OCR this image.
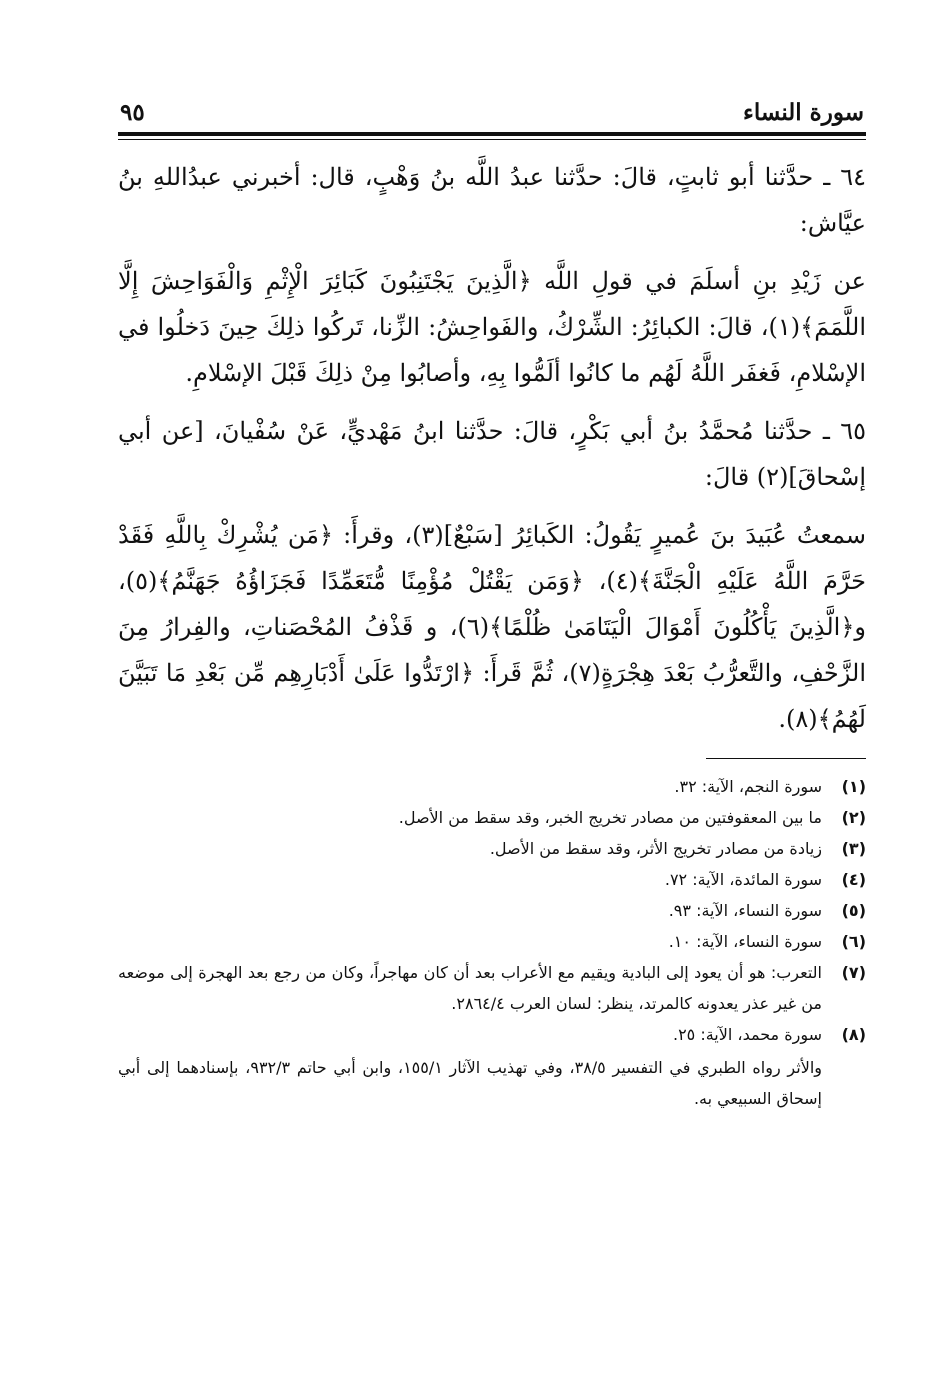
سورة النساء
٩٥

٦٤ ـ حدَّثنا أبو ثابتٍ، قالَ: حدَّثنا عبدُ اللَّه بنُ وَهْبٍ، قال: أخبرني عبدُاللهِ بنُ عيَّاش:

عن زَيْدِ بنِ أسلَمَ في قولِ اللَّه ﴿الَّذِينَ يَجْتَنِبُونَ كَبَائِرَ الْإِثْمِ وَالْفَوَاحِشَ إِلَّا اللَّمَمَ﴾(١)، قالَ: الكبائِرُ: الشِّرْكُ، والفَواحِشُ: الزِّنا، تَركُوا ذلِكَ حِينَ دَخلُوا في الإسْلامِ، فَغفَر اللَّهُ لَهُم ما كانُوا ألَمُّوا بِهِ، وأصابُوا مِنْ ذلِكَ قَبْلَ الإسْلامِ.

٦٥ ـ حدَّثنا مُحمَّدُ بنُ أبي بَكْرٍ، قالَ: حدَّثنا ابنُ مَهْديٍّ، عَنْ سُفْيانَ، [عن أبي إسْحاقَ](٢) قالَ:

سمعتُ عُبَيدَ بنَ عُميرٍ يَقُولُ: الكَبائِرُ [سَبْعٌ](٣)، وقرأَ: ﴿مَن يُشْرِكْ بِاللَّهِ فَقَدْ حَرَّمَ اللَّهُ عَلَيْهِ الْجَنَّةَ﴾(٤)، ﴿وَمَن يَقْتُلْ مُؤْمِنًا مُّتَعَمِّدًا فَجَزَاؤُهُ جَهَنَّمُ﴾(٥)، و﴿الَّذِينَ يَأْكُلُونَ أَمْوَالَ الْيَتَامَىٰ ظُلْمًا﴾(٦)، و قَذْفُ المُحْصَناتِ، والفِرارُ مِنَ الزَّحْفِ، والتَّعرُّبُ بَعْدَ هِجْرَةٍ(٧)، ثُمَّ قَرأَ: ﴿ارْتَدُّوا عَلَىٰ أَدْبَارِهِم مِّن بَعْدِ مَا تَبَيَّنَ لَهُمُ﴾(٨).

(١)
سورة النجم، الآية: ٣٢.
(٢)
ما بين المعقوفتين من مصادر تخريج الخبر، وقد سقط من الأصل.
(٣)
زيادة من مصادر تخريج الأثر، وقد سقط من الأصل.
(٤)
سورة المائدة، الآية: ٧٢.
(٥)
سورة النساء، الآية: ٩٣.
(٦)
سورة النساء، الآية: ١٠.
(٧)
التعرب: هو أن يعود إلى البادية ويقيم مع الأعراب بعد أن كان مهاجراً، وكان من رجع بعد الهجرة إلى موضعه من غير عذر يعدونه كالمرتد، ينظر: لسان العرب ٢٨٦٤/٤.
(٨)
سورة محمد، الآية: ٢٥.
والأثر رواه الطبري في التفسير ٣٨/٥، وفي تهذيب الآثار ١٥٥/١، وابن أبي حاتم ٩٣٢/٣، بإسنادهما إلى أبي إسحاق السبيعي به.
